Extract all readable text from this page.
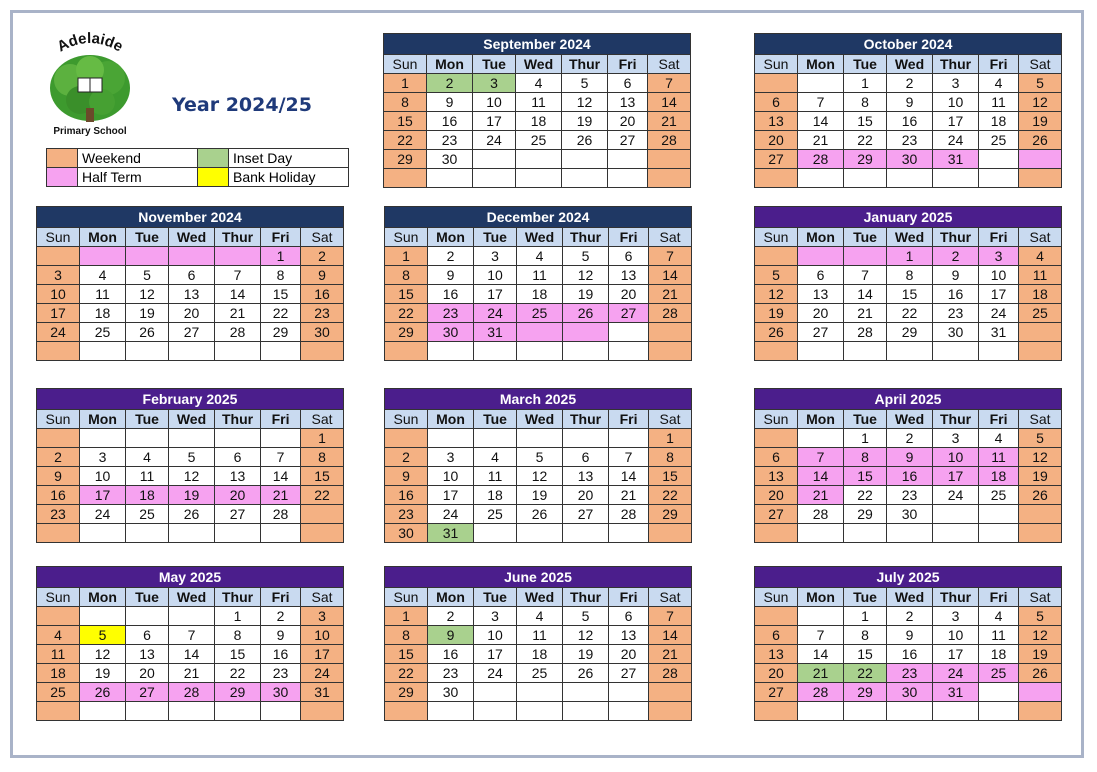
Adelaide
Primary School
Year 2024/25
	Weekend		Inset Day
	Half Term		Bank Holiday
September 2024
Sun	Mon	Tue	Wed	Thur	Fri	Sat
1	2	3	4	5	6	7
8	9	10	11	12	13	14
15	16	17	18	19	20	21
22	23	24	25	26	27	28
29	30					

October 2024
Sun	Mon	Tue	Wed	Thur	Fri	Sat
		1	2	3	4	5
6	7	8	9	10	11	12
13	14	15	16	17	18	19
20	21	22	23	24	25	26
27	28	29	30	31		

November 2024
Sun	Mon	Tue	Wed	Thur	Fri	Sat
					1	2
3	4	5	6	7	8	9
10	11	12	13	14	15	16
17	18	19	20	21	22	23
24	25	26	27	28	29	30

December 2024
Sun	Mon	Tue	Wed	Thur	Fri	Sat
1	2	3	4	5	6	7
8	9	10	11	12	13	14
15	16	17	18	19	20	21
22	23	24	25	26	27	28
29	30	31				

January 2025
Sun	Mon	Tue	Wed	Thur	Fri	Sat
			1	2	3	4
5	6	7	8	9	10	11
12	13	14	15	16	17	18
19	20	21	22	23	24	25
26	27	28	29	30	31	

February 2025
Sun	Mon	Tue	Wed	Thur	Fri	Sat
						1
2	3	4	5	6	7	8
9	10	11	12	13	14	15
16	17	18	19	20	21	22
23	24	25	26	27	28	

March 2025
Sun	Mon	Tue	Wed	Thur	Fri	Sat
						1
2	3	4	5	6	7	8
9	10	11	12	13	14	15
16	17	18	19	20	21	22
23	24	25	26	27	28	29
30	31					
April 2025
Sun	Mon	Tue	Wed	Thur	Fri	Sat
		1	2	3	4	5
6	7	8	9	10	11	12
13	14	15	16	17	18	19
20	21	22	23	24	25	26
27	28	29	30			

May 2025
Sun	Mon	Tue	Wed	Thur	Fri	Sat
				1	2	3
4	5	6	7	8	9	10
11	12	13	14	15	16	17
18	19	20	21	22	23	24
25	26	27	28	29	30	31

June 2025
Sun	Mon	Tue	Wed	Thur	Fri	Sat
1	2	3	4	5	6	7
8	9	10	11	12	13	14
15	16	17	18	19	20	21
22	23	24	25	26	27	28
29	30					

July 2025
Sun	Mon	Tue	Wed	Thur	Fri	Sat
		1	2	3	4	5
6	7	8	9	10	11	12
13	14	15	16	17	18	19
20	21	22	23	24	25	26
27	28	29	30	31		
